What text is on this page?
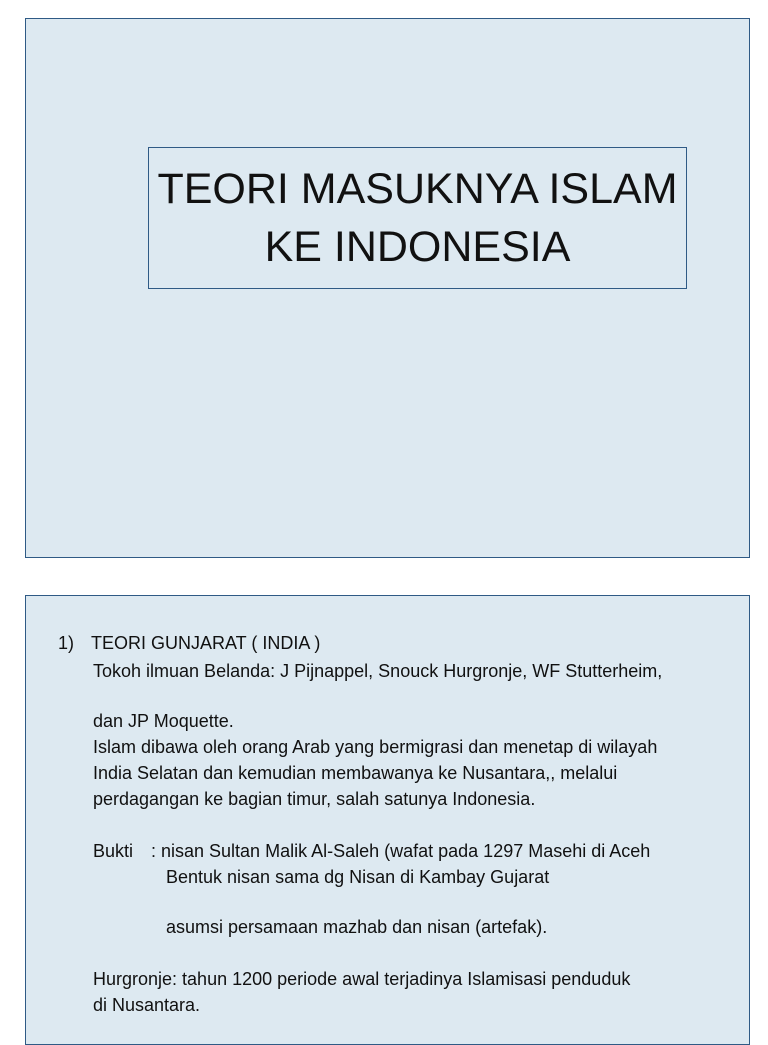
TEORI MASUKNYA ISLAM
KE INDONESIA
1) TEORI GUNJARAT ( INDIA )
Tokoh ilmuan Belanda: J Pijnappel, Snouck Hurgronje, WF Stutterheim,
dan JP Moquette.
Islam dibawa oleh orang Arab yang bermigrasi dan menetap di wilayah
India Selatan dan kemudian membawanya ke Nusantara,, melalui
perdagangan ke bagian timur, salah satunya Indonesia.
Bukti : nisan Sultan Malik Al-Saleh (wafat pada 1297 Masehi di Aceh
Bentuk nisan sama dg Nisan di Kambay Gujarat
asumsi persamaan mazhab dan nisan (artefak).
Hurgronje: tahun 1200 periode awal terjadinya Islamisasi penduduk
di Nusantara.
